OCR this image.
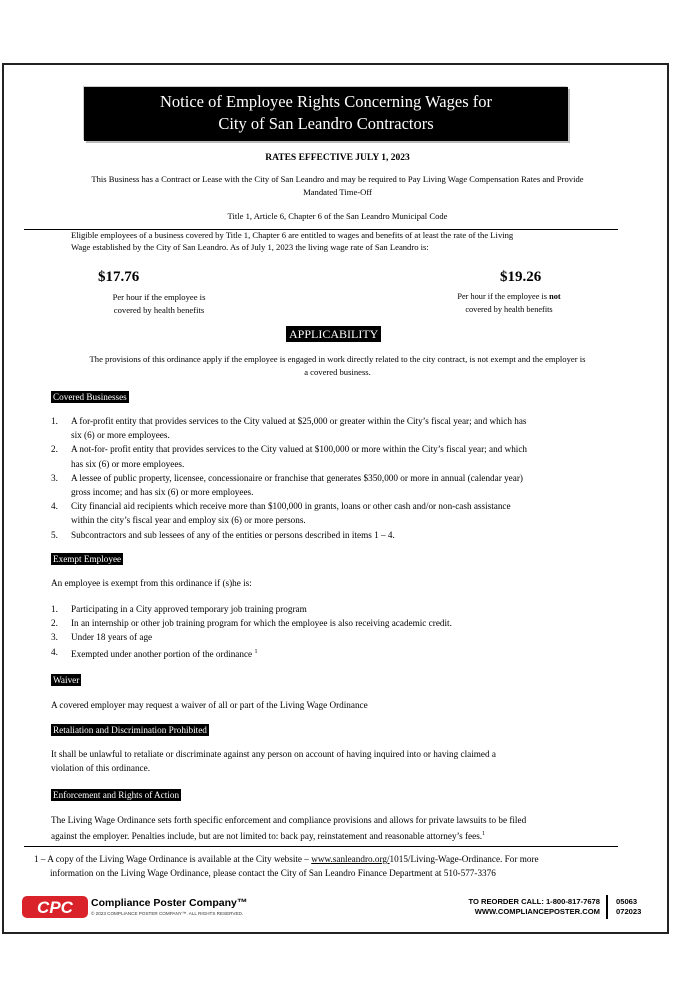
Notice of Employee Rights Concerning Wages for
City of San Leandro Contractors
RATES EFFECTIVE JULY 1, 2023
This Business has a Contract or Lease with the City of San Leandro and may be required to Pay Living Wage Compensation Rates and Provide
Mandated Time-Off
Title 1, Article 6, Chapter 6 of the San Leandro Municipal Code
Eligible employees of a business covered by Title 1, Chapter 6 are entitled to wages and benefits of at least the rate of the Living
Wage established by the City of San Leandro. As of July 1, 2023 the living wage rate of San Leandro is:
$17.76
Per hour if the employee is
covered by health benefits
$19.26
Per hour if the employee is not
covered by health benefits
APPLICABILITY
The provisions of this ordinance apply if the employee is engaged in work directly related to the city contract, is not exempt and the employer is
a covered business.
Covered Businesses
1. A for-profit entity that provides services to the City valued at $25,000 or greater within the City’s fiscal year; and which has
six (6) or more employees.
2. A not-for- profit entity that provides services to the City valued at $100,000 or more within the City’s fiscal year; and which
has six (6) or more employees.
3. A lessee of public property, licensee, concessionaire or franchise that generates $350,000 or more in annual (calendar year)
gross income; and has six (6) or more employees.
4. City financial aid recipients which receive more than $100,000 in grants, loans or other cash and/or non-cash assistance
within the city’s fiscal year and employ six (6) or more persons.
5. Subcontractors and sub lessees of any of the entities or persons described in items 1 – 4.
Exempt Employee
An employee is exempt from this ordinance if (s)he is:
1. Participating in a City approved temporary job training program
2. In an internship or other job training program for which the employee is also receiving academic credit.
3. Under 18 years of age
4. Exempted under another portion of the ordinance $^1$
Waiver
A covered employer may request a waiver of all or part of the Living Wage Ordinance
Retaliation and Discrimination Prohibited
It shall be unlawful to retaliate or discriminate against any person on account of having inquired into or having claimed a
violation of this ordinance.
Enforcement and Rights of Action
The Living Wage Ordinance sets forth specific enforcement and compliance provisions and allows for private lawsuits to be filed
against the employer. Penalties include, but are not limited to: back pay, reinstatement and reasonable attorney’s fees.$^1$
1 – A copy of the Living Wage Ordinance is available at the City website – www.sanleandro.org/1015/Living-Wage-Ordinance. For more
information on the Living Wage Ordinance, please contact the City of San Leandro Finance Department at 510-577-3376
CPC Compliance Poster Company™
© 2023 COMPLIANCE POSTER COMPANY™. ALL RIGHTS RESERVED.
TO REORDER CALL: 1-800-817-7678
WWW.COMPLIANCEPOSTER.COM
05063
072023
